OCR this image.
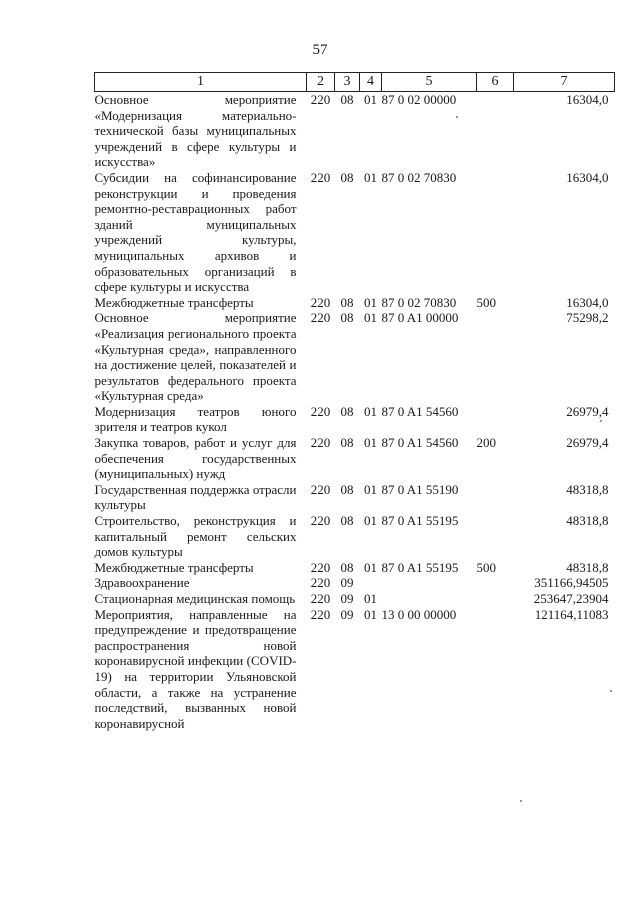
57
1	2	3	4	5	6	7
Основное мероприятие «Модернизация материально-технической базы муниципальных учреждений в сфере культуры и искусства»	220	08	01	87 0 02 00000		16304,0
Субсидии на софинансирование реконструкции и проведения ремонтно-реставрационных работ зданий муниципальных учреждений культуры, муниципальных архивов и образовательных организаций в сфере культуры и искусства	220	08	01	87 0 02 70830		16304,0
Межбюджетные трансферты	220	08	01	87 0 02 70830	500	16304,0
Основное мероприятие «Реализация регионального проекта «Культурная среда», направленного на достижение целей, показателей и результатов федерального проекта «Культурная среда»	220	08	01	87 0 A1 00000		75298,2
Модернизация театров юного зрителя и театров кукол	220	08	01	87 0 A1 54560		26979,4
Закупка товаров, работ и услуг для обеспечения государственных (муниципальных) нужд	220	08	01	87 0 A1 54560	200	26979,4
Государственная поддержка отрасли культуры	220	08	01	87 0 A1 55190		48318,8
Строительство, реконструкция и капитальный ремонт сельских домов культуры	220	08	01	87 0 A1 55195		48318,8
Межбюджетные трансферты	220	08	01	87 0 A1 55195	500	48318,8
Здравоохранение	220	09				351166,94505
Стационарная медицинская помощь	220	09	01			253647,23904
Мероприятия, направленные на предупреждение и предотвращение распространения новой коронавирусной инфекции (COVID-19) на территории Ульяновской области, а также на устранение последствий, вызванных новой коронавирусной	220	09	01	13 0 00 00000		121164,11083
